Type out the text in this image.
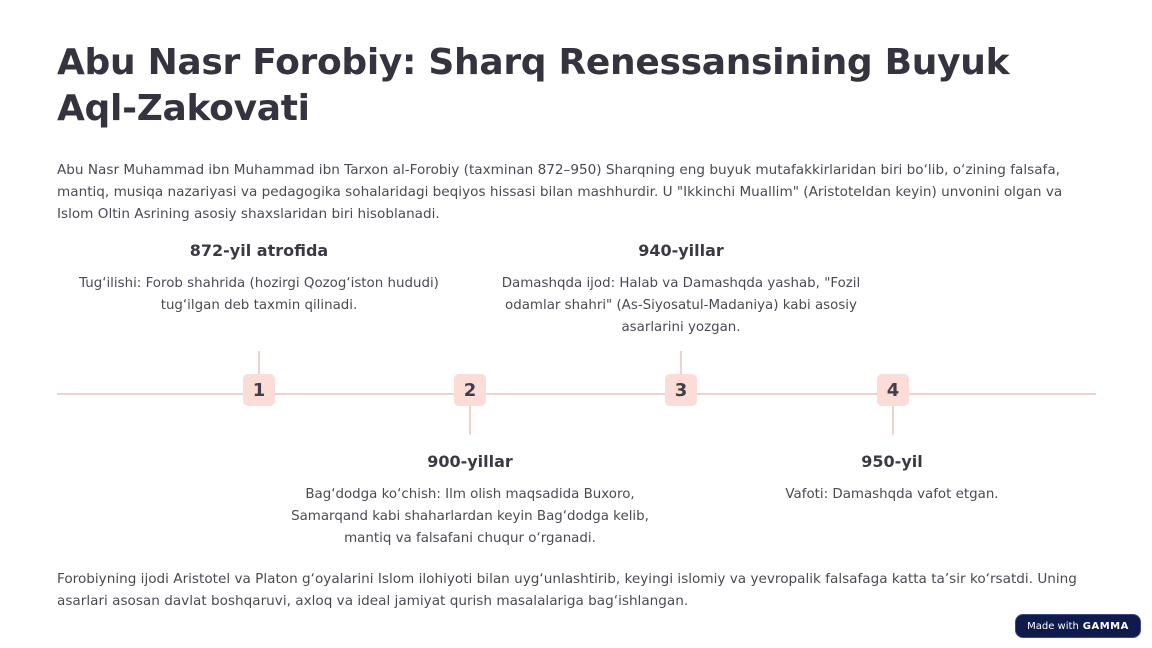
Abu Nasr Forobiy: Sharq Renessansining Buyuk Aql-Zakovati
Abu Nasr Muhammad ibn Muhammad ibn Tarxon al-Forobiy (taxminan 872–950) Sharqning eng buyuk mutafakkirlaridan biri bo‘lib, o‘zining falsafa, mantiq, musiqa nazariyasi va pedagogika sohalaridagi beqiyos hissasi bilan mashhurdir. U "Ikkinchi Muallim" (Aristoteldan keyin) unvonini olgan va Islom Oltin Asrining asosiy shaxslaridan biri hisoblanadi.
872-yil atrofida
Tug‘ilishi: Forob shahrida (hozirgi Qozog‘iston hududi) tug‘ilgan deb taxmin qilinadi.
1	2
900-yillar
Bag‘dodga ko‘chish: Ilm olish maqsadida Buxoro, Samarqand kabi shaharlardan keyin Bag‘dodga kelib, mantiq va falsafani chuqur o‘rganadi.
940-yillar
Damashqda ijod: Halab va Damashqda yashab, "Fozil odamlar shahri" (As-Siyosatul-Madaniya) kabi asosiy asarlarini yozgan.
3	4
950-yil
Vafoti: Damashqda vafot etgan.
Forobiyning ijodi Aristotel va Platon g‘oyalarini Islom ilohiyoti bilan uyg‘unlashtirib, keyingi islomiy va yevropalik falsafaga katta ta’sir ko‘rsatdi. Uning asarlari asosan davlat boshqaruvi, axloq va ideal jamiyat qurish masalalariga bag‘ishlangan.
Made with GAMMA
